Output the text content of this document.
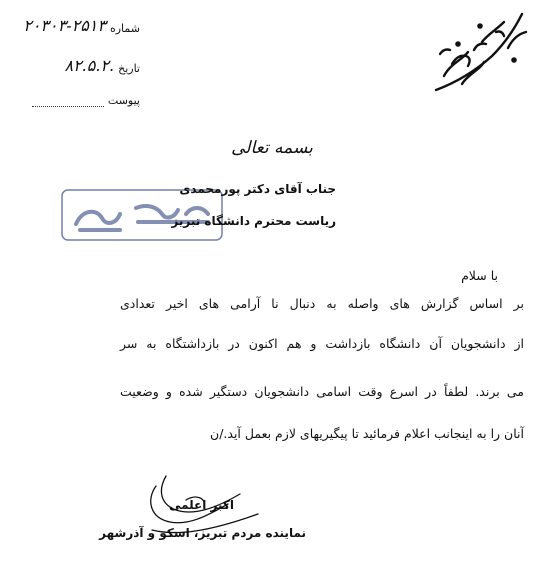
شماره
۲۰۳۰۳-۲۵۱۳
تاریخ
۸۲.۵.۲.
پیوست
بسمه تعالی
جناب آقای دکتر پورمحمدی
ریاست محترم دانشگاه تبریز
با سلام
بر اساس گزارش های واصله به دنبال نا آرامی های اخیر تعدادی
از دانشجویان آن دانشگاه بازداشت و هم اکنون در بازداشتگاه به سر
می برند. لطفاً در اسرع وقت اسامی دانشجویان دستگیر شده و وضعیت
آنان را به اینجانب اعلام فرمائید تا پیگیریهای لازم بعمل آید./ن
اکبر اعلمی
نماینده مردم تبریز، اسکو و آذرشهر
